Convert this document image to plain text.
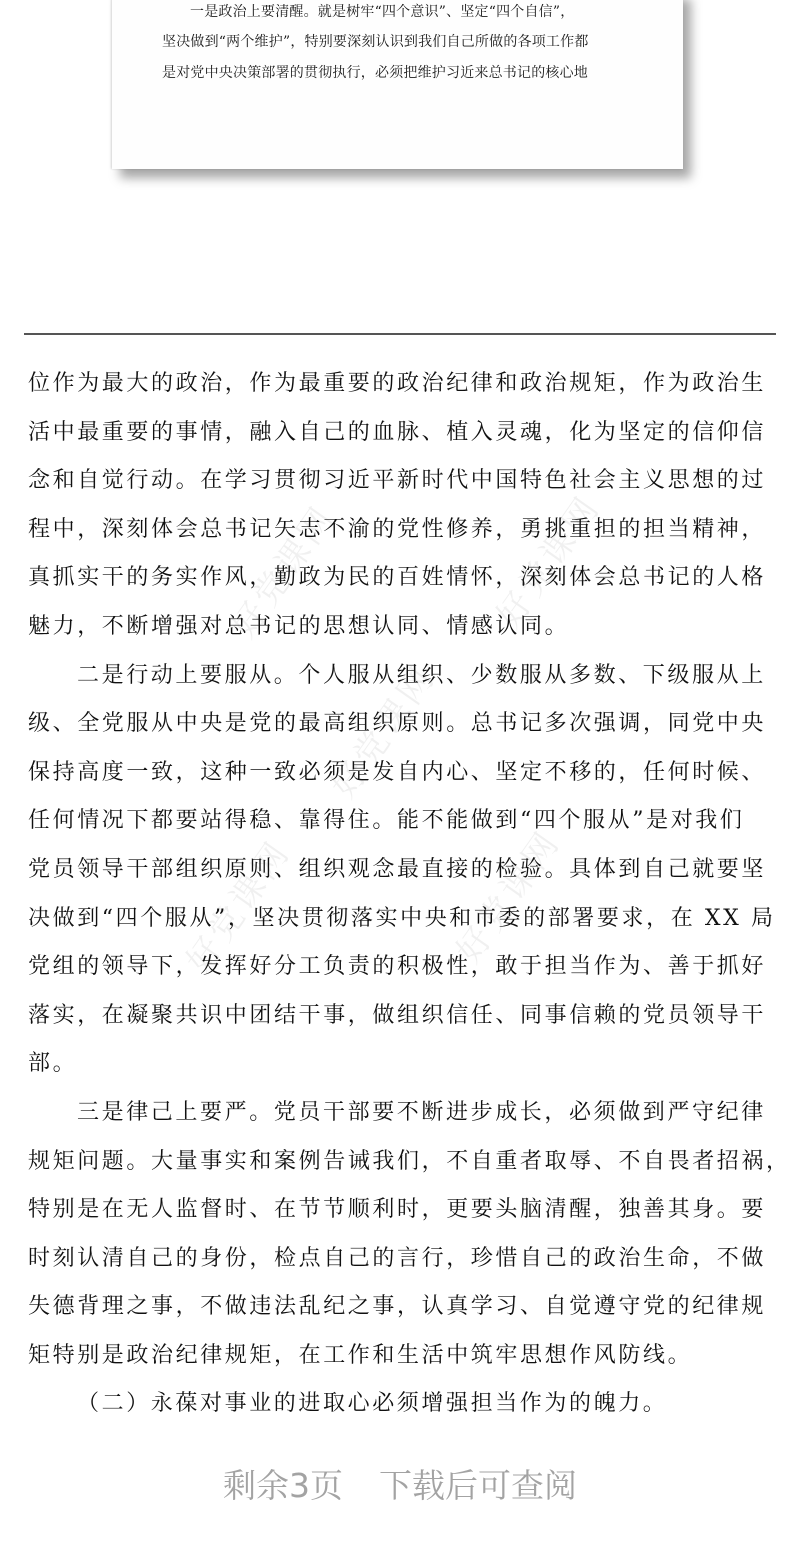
一是政治上要清醒。就是树牢“四个意识”、坚定“四个自信”，
坚决做到“两个维护”，特别要深刻认识到我们自己所做的各项工作都
是对党中央决策部署的贯彻执行，必须把维护习近来总书记的核心地
好党课网	好党课网
好党课网
好党课网	好党课网
位作为最大的政治，作为最重要的政治纪律和政治规矩，作为政治生
活中最重要的事情，融入自己的血脉、植入灵魂，化为坚定的信仰信
念和自觉行动。在学习贯彻习近平新时代中国特色社会主义思想的过
程中，深刻体会总书记矢志不渝的党性修养，勇挑重担的担当精神，
真抓实干的务实作风，勤政为民的百姓情怀，深刻体会总书记的人格
魅力，不断增强对总书记的思想认同、情感认同。
二是行动上要服从。个人服从组织、少数服从多数、下级服从上
级、全党服从中央是党的最高组织原则。总书记多次强调，同党中央
保持高度一致，这种一致必须是发自内心、坚定不移的，任何时候、
任何情况下都要站得稳、靠得住。能不能做到“四个服从”是对我们
党员领导干部组织原则、组织观念最直接的检验。具体到自己就要坚
决做到“四个服从”，坚决贯彻落实中央和市委的部署要求，在 XX 局
党组的领导下，发挥好分工负责的积极性，敢于担当作为、善于抓好
落实，在凝聚共识中团结干事，做组织信任、同事信赖的党员领导干
部。
三是律己上要严。党员干部要不断进步成长，必须做到严守纪律
规矩问题。大量事实和案例告诫我们，不自重者取辱、不自畏者招祸，
特别是在无人监督时、在节节顺利时，更要头脑清醒，独善其身。要
时刻认清自己的身份，检点自己的言行，珍惜自己的政治生命，不做
失德背理之事，不做违法乱纪之事，认真学习、自觉遵守党的纪律规
矩特别是政治纪律规矩，在工作和生活中筑牢思想作风防线。
（二）永葆对事业的进取心必须增强担当作为的魄力。
剩余3页 下载后可查阅
